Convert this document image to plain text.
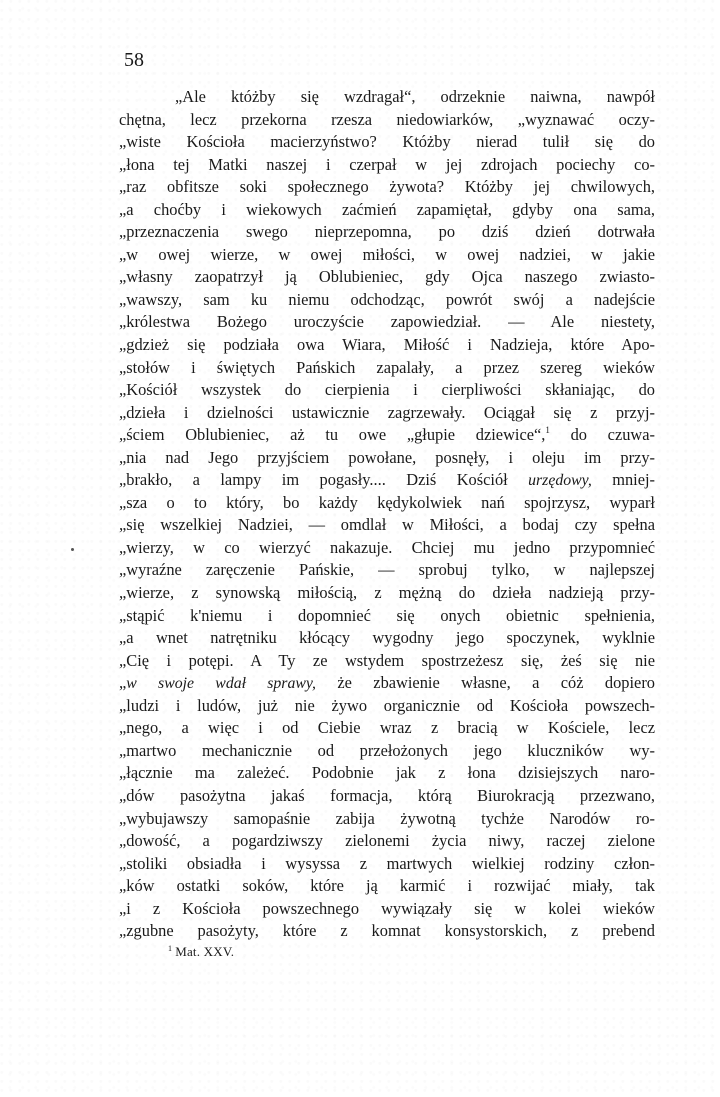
58
„Ale któżby się wzdragał“, odrzeknie naiwna, nawpół
chętna, lecz przekorna rzesza niedowiarków, „wyznawać oczy-
„wiste Kościoła macierzyństwo? Któżby nierad tulił się do
„łona tej Matki naszej i czerpał w jej zdrojach pociechy co-
„raz obfitsze soki społecznego żywota? Któżby jej chwilowych,
„a choćby i wiekowych zaćmień zapamiętał, gdyby ona sama,
„przeznaczenia swego nieprzepomna, po dziś dzień dotrwała
„w owej wierze, w owej miłości, w owej nadziei, w jakie
„własny zaopatrzył ją Oblubieniec, gdy Ojca naszego zwiasto-
„wawszy, sam ku niemu odchodząc, powrót swój a nadejście
„królestwa Bożego uroczyście zapowiedział. — Ale niestety,
„gdzież się podziała owa Wiara, Miłość i Nadzieja, które Apo-
„stołów i świętych Pańskich zapalały, a przez szereg wieków
„Kościół wszystek do cierpienia i cierpliwości skłaniając, do
„dzieła i dzielności ustawicznie zagrzewały. Ociągał się z przyj-
„ściem Oblubieniec, aż tu owe „głupie dziewice“,$^1$ do czuwa-
„nia nad Jego przyjściem powołane, posnęły, i oleju im przy-
„brakło, a lampy im pogasły.... Dziś Kościół urzędowy, mniej-
„sza o to który, bo każdy kędykolwiek nań spojrzysz, wyparł
„się wszelkiej Nadziei, — omdlał w Miłości, a bodaj czy spełna
„wierzy, w co wierzyć nakazuje. Chciej mu jedno przypomnieć
„wyraźne zaręczenie Pańskie, — sprobuj tylko, w najlepszej
„wierze, z synowską miłością, z mężną do dzieła nadzieją przy-
„stąpić k'niemu i dopomnieć się onych obietnic spełnienia,
„a wnet natrętniku kłócący wygodny jego spoczynek, wyklnie
„Cię i potępi. A Ty ze wstydem spostrzeżesz się, żeś się nie
„w swoje wdał sprawy, że zbawienie własne, a cóż dopiero
„ludzi i ludów, już nie żywo organicznie od Kościoła powszech-
„nego, a więc i od Ciebie wraz z bracią w Kościele, lecz
„martwo mechanicznie od przełożonych jego kluczników wy-
„łącznie ma zależeć. Podobnie jak z łona dzisiejszych naro-
„dów pasożytna jakaś formacja, którą Biurokracją przezwano,
„wybujawszy samopaśnie zabija żywotną tychże Narodów ro-
„dowość, a pogardziwszy zielonemi życia niwy, raczej zielone
„stoliki obsiadła i wysyssa z martwych wielkiej rodziny człon-
„ków ostatki soków, które ją karmić i rozwijać miały, tak
„i z Kościoła powszechnego wywiązały się w kolei wieków
„zgubne pasożyty, które z komnat konsystorskich, z prebend
$^1$ Mat. XXV.
